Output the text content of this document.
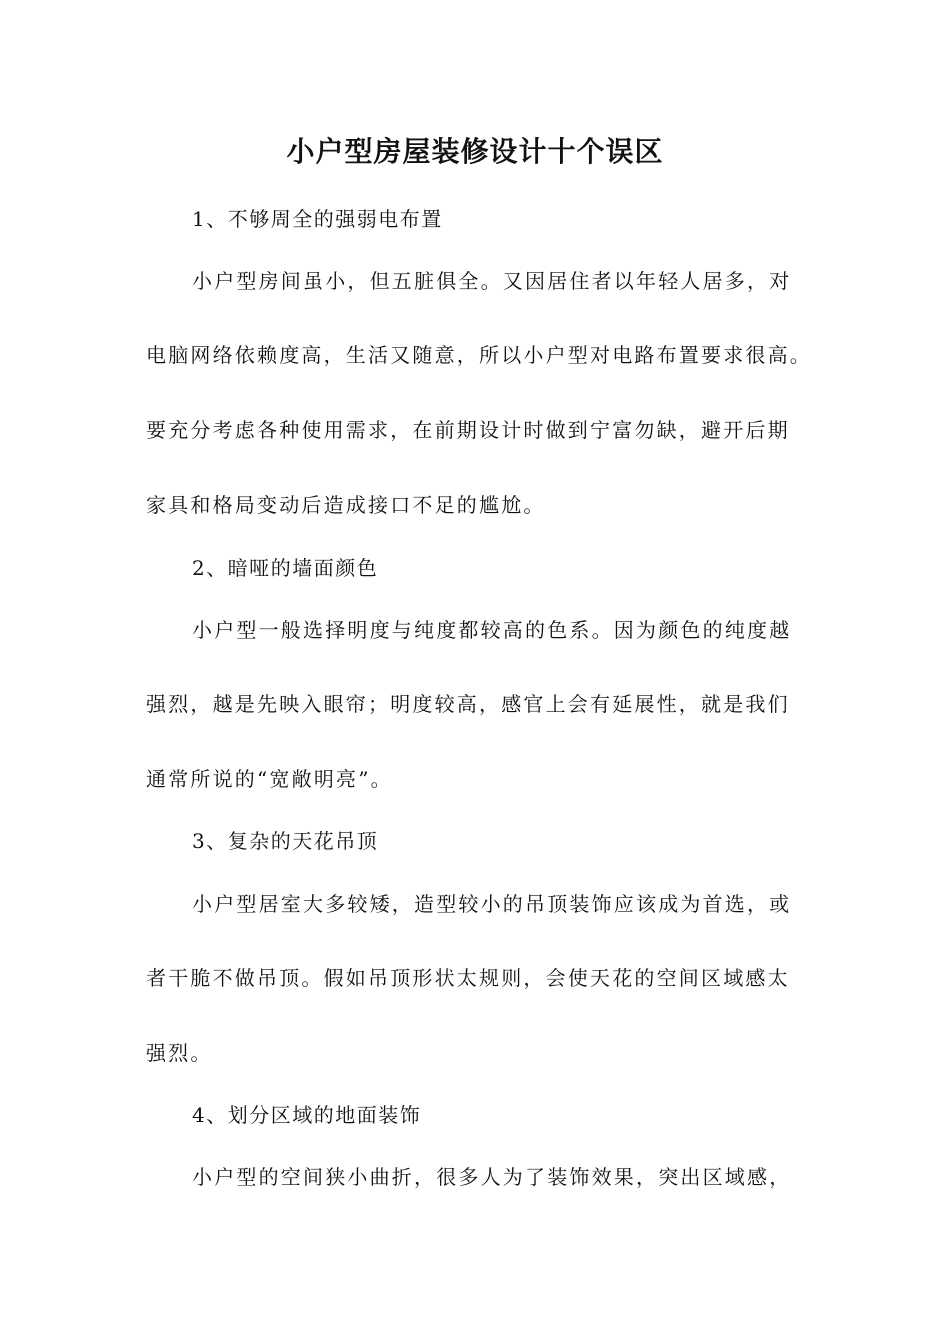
小户型房屋装修设计十个误区

1、不够周全的强弱电布置

小户型房间虽小，但五脏俱全。又因居住者以年轻人居多，对

电脑网络依赖度高，生活又随意，所以小户型对电路布置要求很高。

要充分考虑各种使用需求，在前期设计时做到宁富勿缺，避开后期

家具和格局变动后造成接口不足的尴尬。

2、暗哑的墙面颜色

小户型一般选择明度与纯度都较高的色系。因为颜色的纯度越

强烈，越是先映入眼帘；明度较高，感官上会有延展性，就是我们

通常所说的“宽敞明亮”。

3、复杂的天花吊顶

小户型居室大多较矮，造型较小的吊顶装饰应该成为首选，或

者干脆不做吊顶。假如吊顶形状太规则，会使天花的空间区域感太

强烈。

4、划分区域的地面装饰

小户型的空间狭小曲折，很多人为了装饰效果，突出区域感，
